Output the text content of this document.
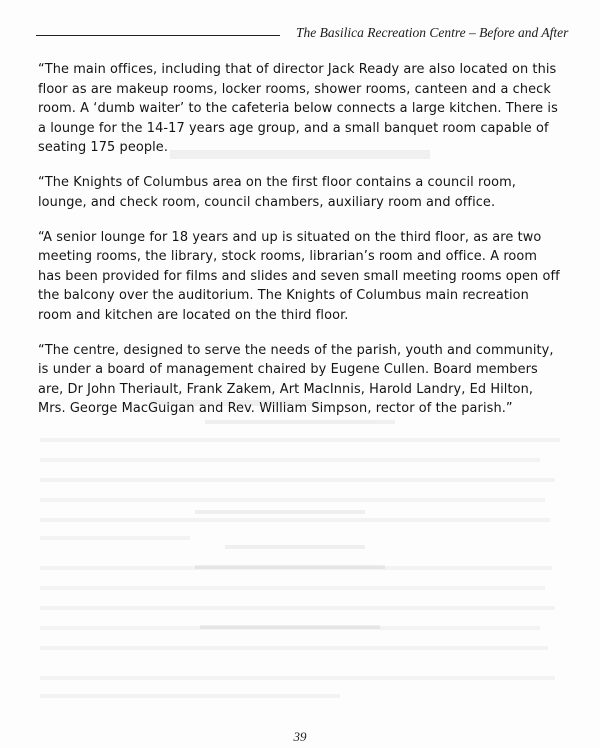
The Basilica Recreation Centre – Before and After

“The main offices, including that of director Jack Ready are also located on this floor as are makeup rooms, locker rooms, shower rooms, canteen and a check room. A ‘dumb waiter’ to the cafeteria below connects a large kitchen. There is a lounge for the 14-17 years age group, and a small banquet room capable of seating 175 people.

“The Knights of Columbus area on the first floor contains a council room, lounge, and check room, council chambers, auxiliary room and office.

“A senior lounge for 18 years and up is situated on the third floor, as are two meeting rooms, the library, stock rooms, librarian’s room and office. A room has been provided for films and slides and seven small meeting rooms open off the balcony over the auditorium. The Knights of Columbus main recreation room and kitchen are located on the third floor.

“The centre, designed to serve the needs of the parish, youth and community, is under a board of management chaired by Eugene Cullen. Board members are, Dr John Theriault, Frank Zakem, Art MacInnis, Harold Landry, Ed Hilton, Mrs. George MacGuigan and Rev. William Simpson, rector of the parish.”

39
